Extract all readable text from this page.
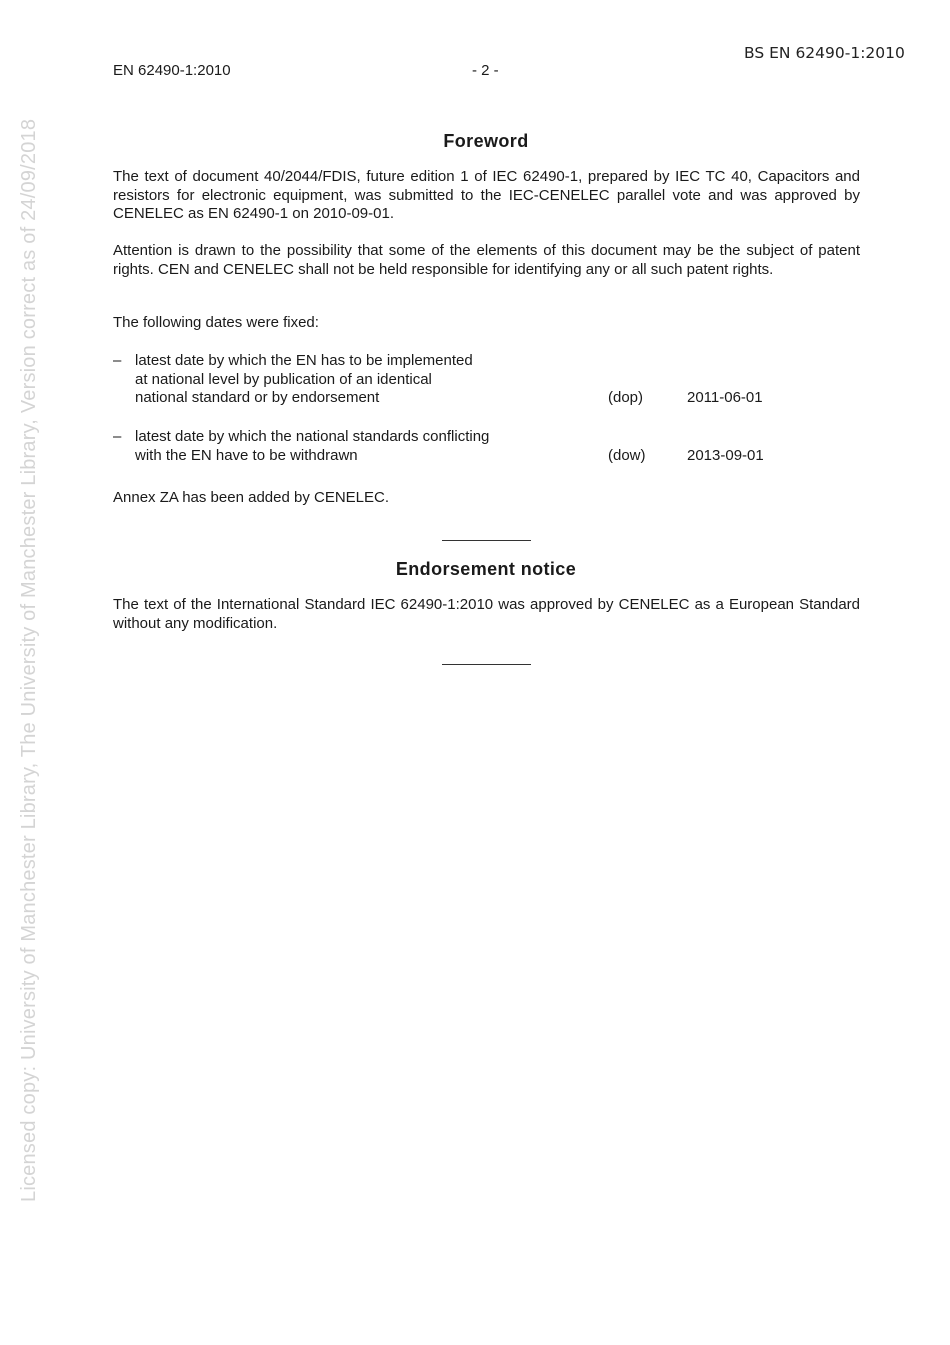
BS EN 62490-1:2010
EN 62490-1:2010	- 2 -
Licensed copy: University of Manchester Library, The University of Manchester Library, Version correct as of 24/09/2018	Foreword
The text of document 40/2044/FDIS, future edition 1 of IEC 62490-1, prepared by IEC TC 40, Capacitors and resistors for electronic equipment, was submitted to the IEC-CENELEC parallel vote and was approved by CENELEC as EN 62490-1 on 2010-09-01.
Attention is drawn to the possibility that some of the elements of this document may be the subject of patent rights. CEN and CENELEC shall not be held responsible for identifying any or all such patent rights.
The following dates were fixed:
– latest date by which the EN has to be implemented
at national level by publication of an identical
national standard or by endorsement	(dop)	2011-06-01
– latest date by which the national standards conflicting
with the EN have to be withdrawn	(dow)	2013-09-01
Annex ZA has been added by CENELEC.
Endorsement notice
The text of the International Standard IEC 62490-1:2010 was approved by CENELEC as a European Standard without any modification.
